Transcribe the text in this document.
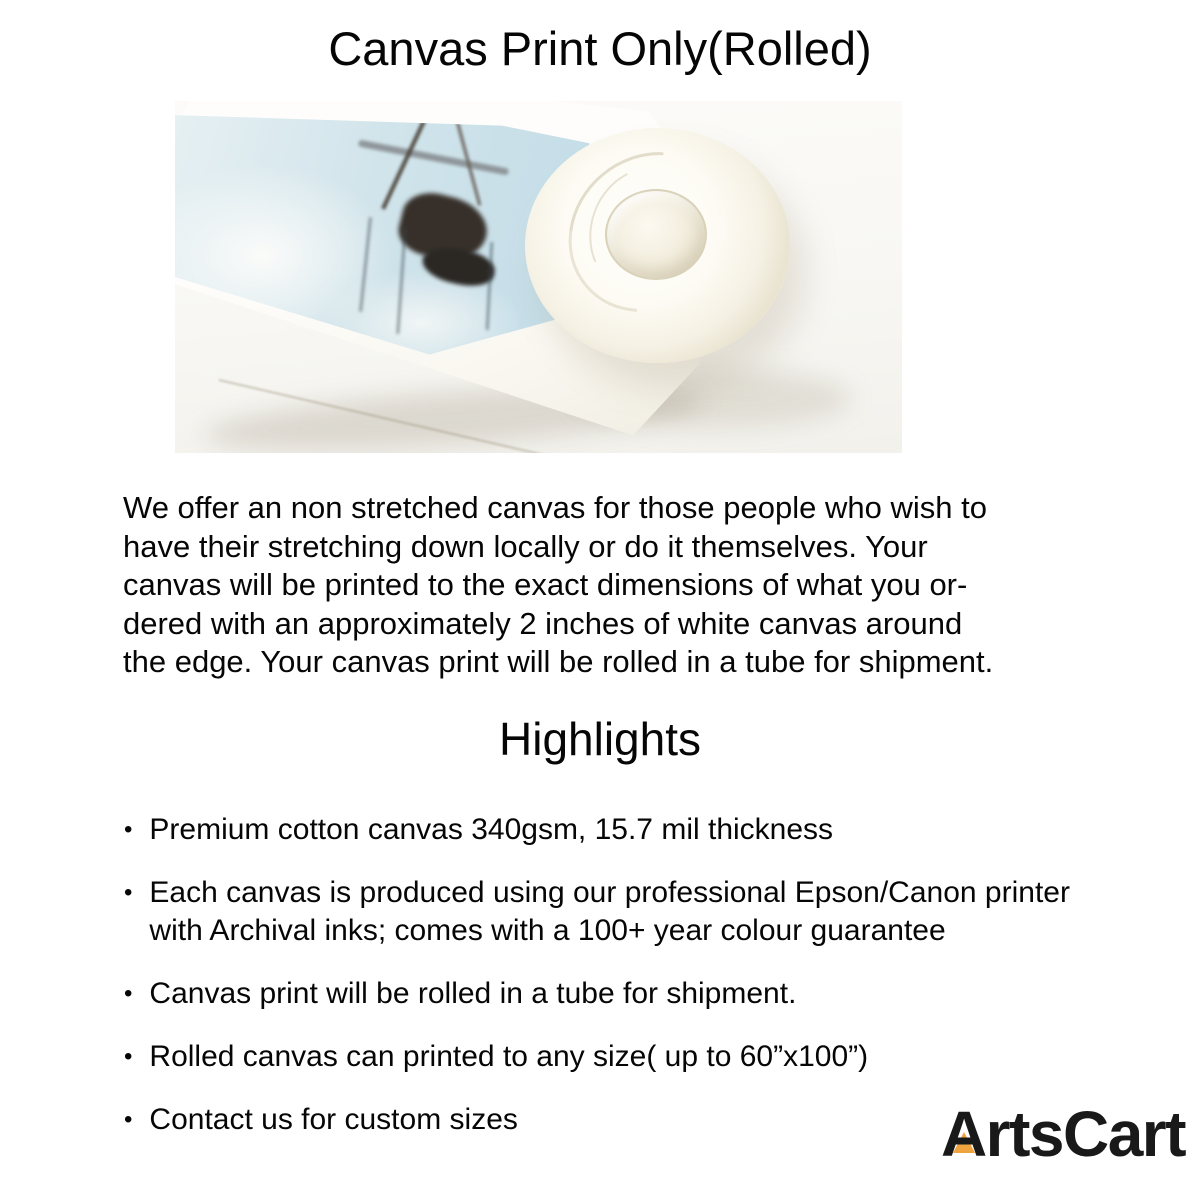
Canvas Print Only(Rolled)
We offer an non stretched canvas for those people who wish to
have their stretching down locally or do it themselves. Your
canvas will be printed to the exact dimensions of what you or-
dered with an approximately 2 inches of white canvas around
the edge. Your canvas print will be rolled in a tube for shipment.
Highlights
• Premium cotton canvas 340gsm, 15.7 mil thickness
• Each canvas is produced using our professional Epson/Canon printer with Archival inks; comes with a 100+ year colour guarantee
• Canvas print will be rolled in a tube for shipment.
• Rolled canvas can printed to any size( up to 60”x100”)
• Contact us for custom sizes	ArtsCart
